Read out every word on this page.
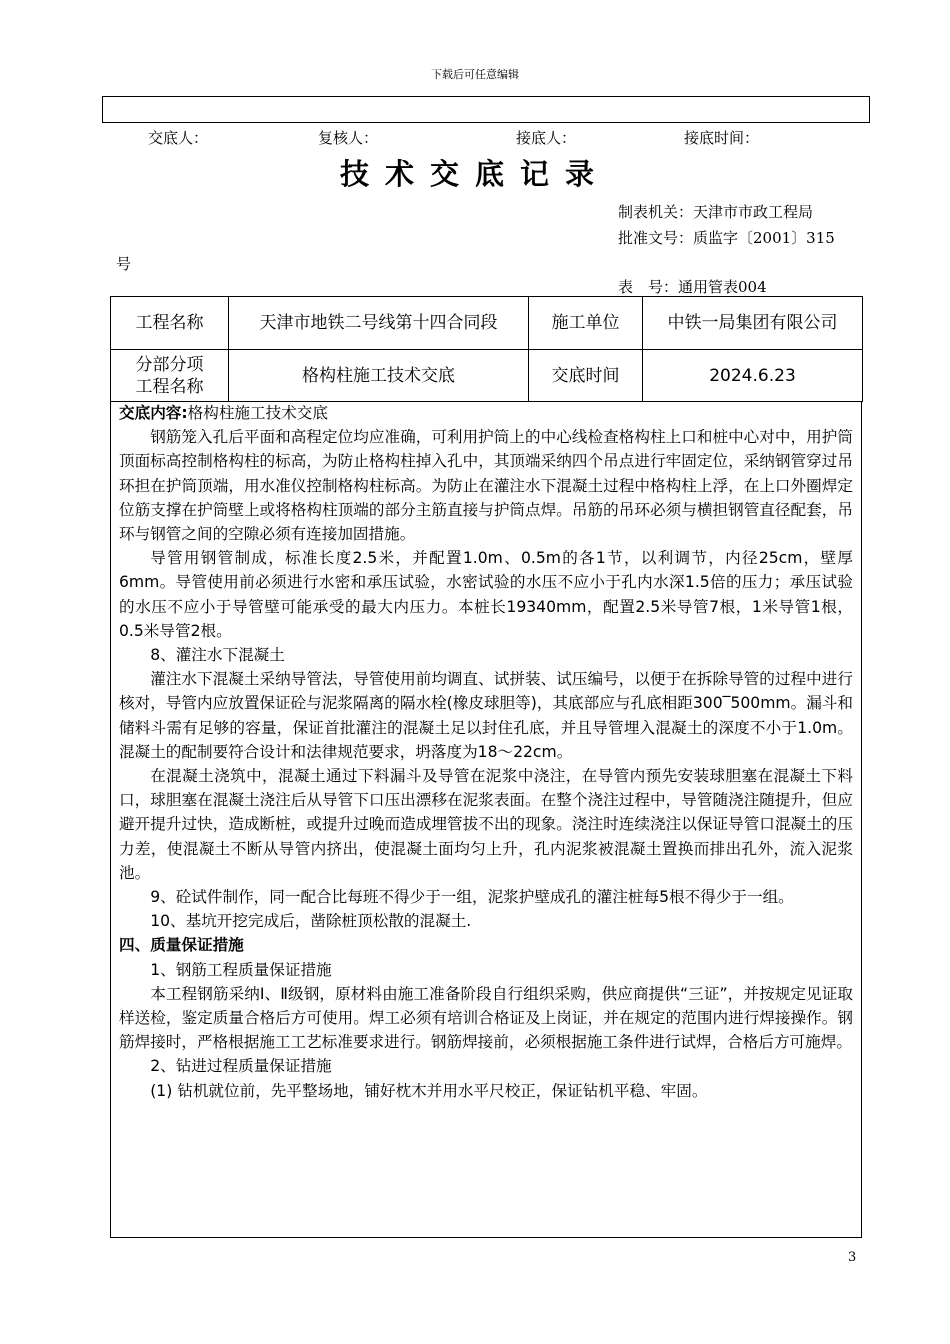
下载后可任意编辑
交底人：	复核人：	接底人：	接底时间：
技术交底记录
制表机关：天津市市政工程局
批准文号：质监字〔2001〕315
号
表　号：通用管表004
工程名称	天津市地铁二号线第十四合同段	施工单位	中铁一局集团有限公司

分部分项
工程名称	格构柱施工技术交底	交底时间	2024.6.23

交底内容:格构柱施工技术交底

钢筋笼入孔后平面和高程定位均应准确，可利用护筒上的中心线检查格构柱上口和桩中心对中，用护筒顶面标高控制格构柱的标高，为防止格构柱掉入孔中，其顶端采纳四个吊点进行牢固定位，采纳钢管穿过吊环担在护筒顶端，用水准仪控制格构柱标高。为防止在灌注水下混凝土过程中格构柱上浮，在上口外圈焊定位筋支撑在护筒壁上或将格构柱顶端的部分主筋直接与护筒点焊。吊筋的吊环必须与横担钢管直径配套，吊环与钢管之间的空隙必须有连接加固措施。

导管用钢管制成，标准长度2.5米，并配置1.0m、0.5m的各1节，以利调节，内径25cm，壁厚6mm。导管使用前必须进行水密和承压试验，水密试验的水压不应小于孔内水深1.5倍的压力；承压试验的水压不应小于导管壁可能承受的最大内压力。本桩长19340mm，配置2.5米导管7根，1米导管1根，0.5米导管2根。

8、灌注水下混凝土

灌注水下混凝土采纳导管法，导管使用前均调直、试拼装、试压编号，以便于在拆除导管的过程中进行核对，导管内应放置保证砼与泥浆隔离的隔水栓(橡皮球胆等)，其底部应与孔底相距300‾500mm。漏斗和储料斗需有足够的容量，保证首批灌注的混凝土足以封住孔底，并且导管埋入混凝土的深度不小于1.0m。混凝土的配制要符合设计和法律规范要求，坍落度为18～22cm。

在混凝土浇筑中，混凝土通过下料漏斗及导管在泥浆中浇注，在导管内预先安装球胆塞在混凝土下料口，球胆塞在混凝土浇注后从导管下口压出漂移在泥浆表面。在整个浇注过程中，导管随浇注随提升，但应避开提升过快，造成断桩，或提升过晚而造成埋管拔不出的现象。浇注时连续浇注以保证导管口混凝土的压力差，使混凝土不断从导管内挤出，使混凝土面均匀上升，孔内泥浆被混凝土置换而排出孔外，流入泥浆池。

9、砼试件制作，同一配合比每班不得少于一组，泥浆护壁成孔的灌注桩每5根不得少于一组。

10、基坑开挖完成后，凿除桩顶松散的混凝土.

四、质量保证措施

1、钢筋工程质量保证措施

本工程钢筋采纳Ⅰ、Ⅱ级钢，原材料由施工准备阶段自行组织采购，供应商提供“三证”，并按规定见证取样送检，鉴定质量合格后方可使用。焊工必须有培训合格证及上岗证，并在规定的范围内进行焊接操作。钢筋焊接时，严格根据施工工艺标准要求进行。钢筋焊接前，必须根据施工条件进行试焊，合格后方可施焊。

2、钻进过程质量保证措施

(1) 钻机就位前，先平整场地，铺好枕木并用水平尺校正，保证钻机平稳、牢固。

3
